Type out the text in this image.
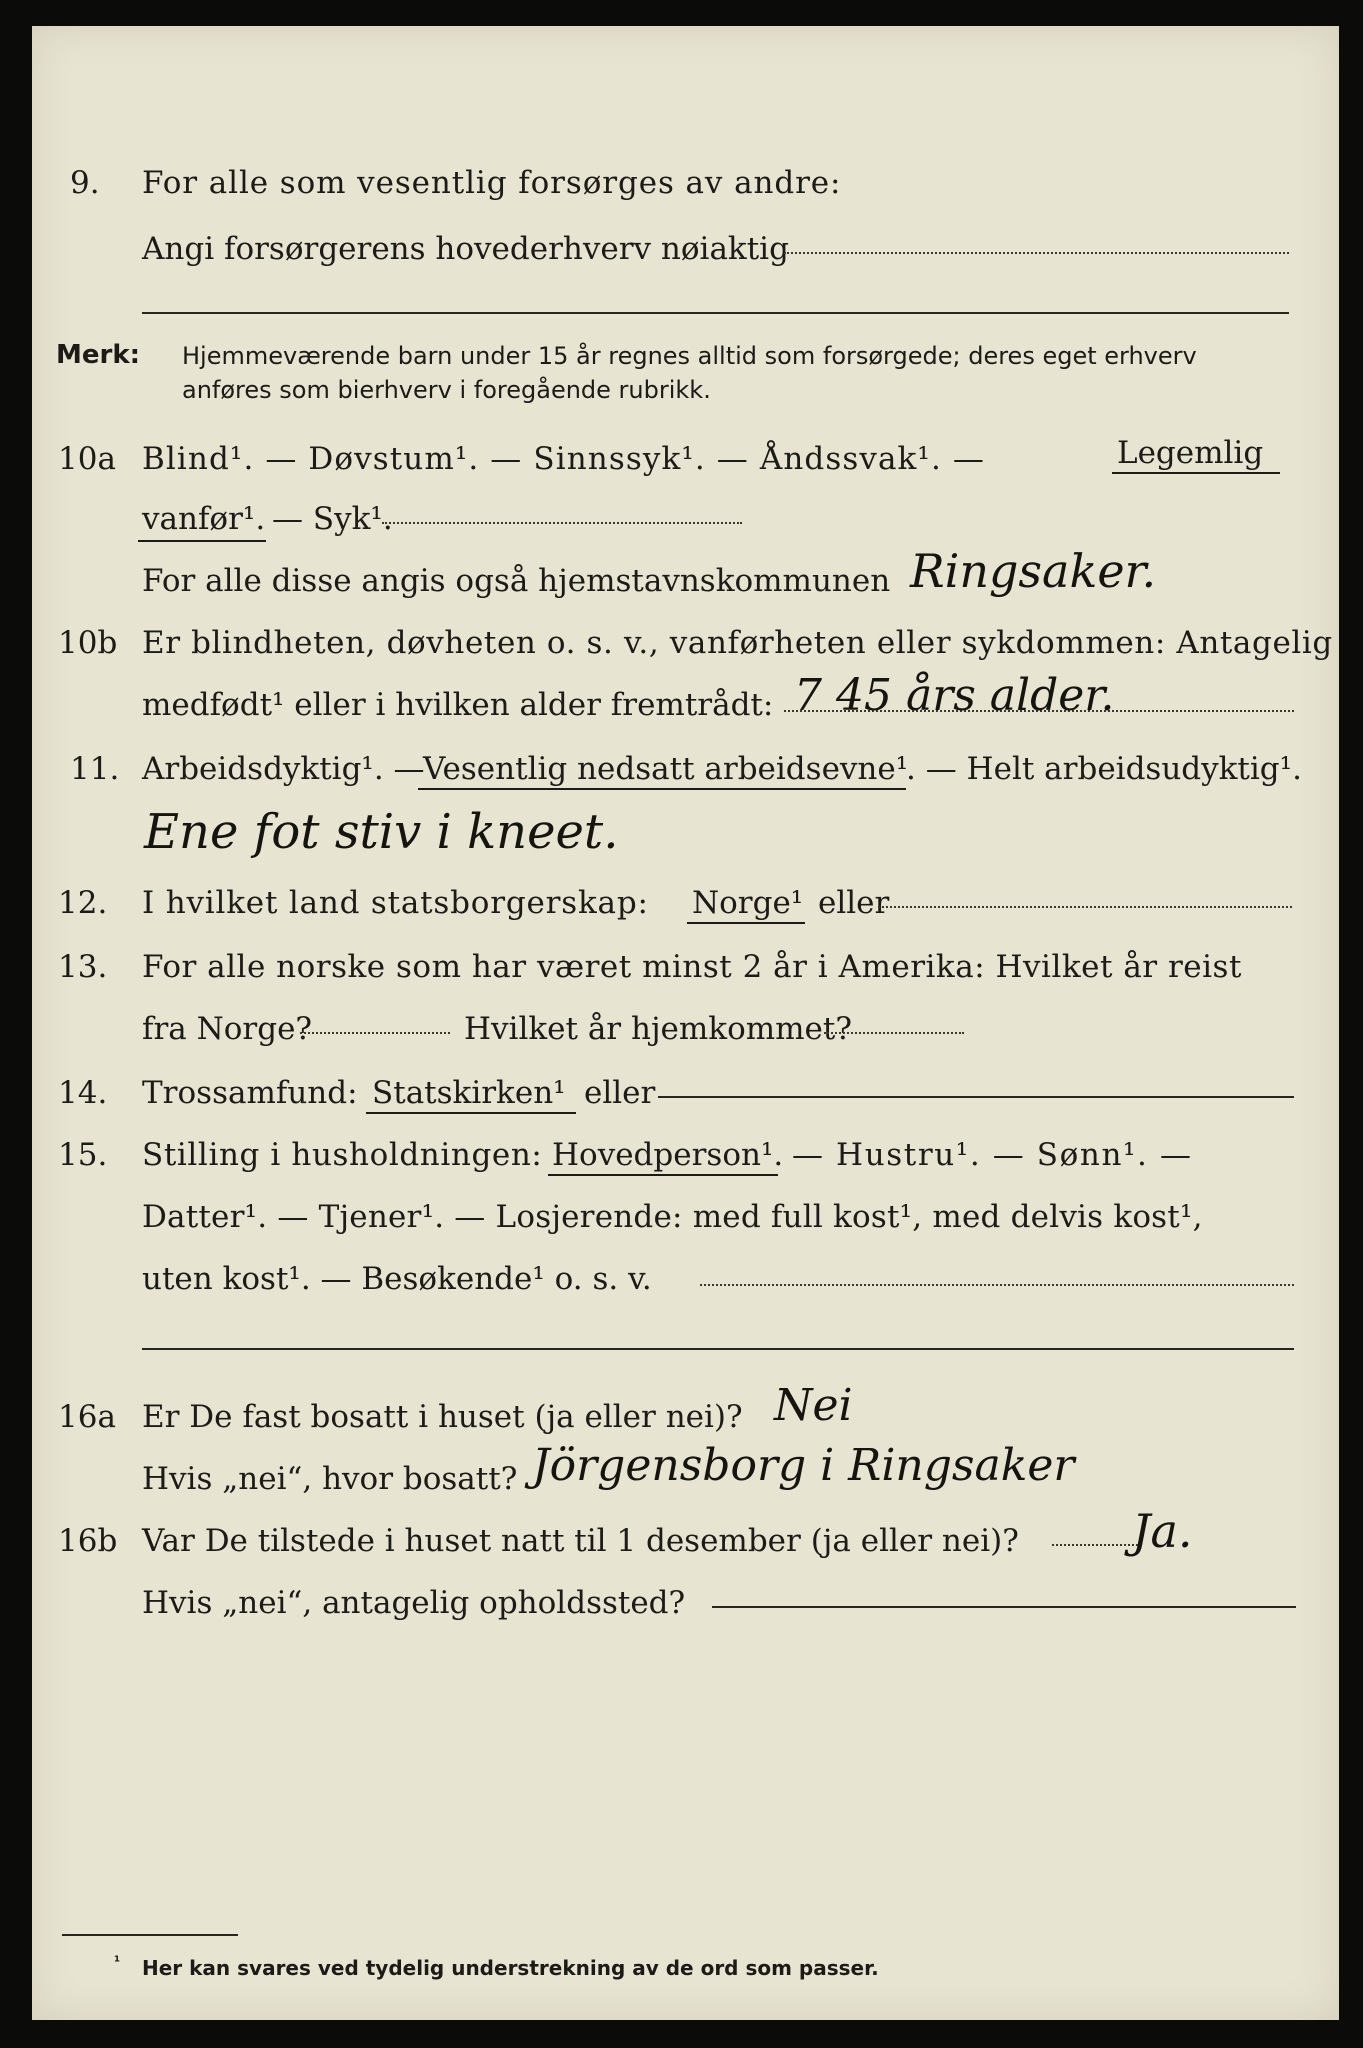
9. For alle som vesentlig forsørges av andre:
Angi forsørgerens hovederhverv nøiaktig
Merk: Hjemmeværende barn under 15 år regnes alltid som forsørgede; deres eget erhverv
anføres som bierhverv i foregående rubrikk.
10a Blind¹. — Døvstum¹. — Sinnssyk¹. — Åndssvak¹. —	Legemlig
vanfør¹. — Syk¹.
For alle disse angis også hjemstavnskommunen Ringsaker.
10b Er blindheten, døvheten o. s. v., vanførheten eller sykdommen: Antagelig
medfødt¹ eller i hvilken alder fremtrådt: 7 45 års alder.
11. Arbeidsdyktig¹. —
Vesentlig nedsatt arbeidsevne¹
. — Helt arbeidsudyktig¹.
Ene fot stiv i kneet.
12. I hvilket land statsborgerskap: Norge¹ eller
13. For alle norske som har været minst 2 år i Amerika: Hvilket år reist
fra Norge?	Hvilket år hjemkommet?
14. Trossamfund: Statskirken¹ eller
15. Stilling i husholdningen: Hovedperson¹. — Hustru¹. — Sønn¹. —
Datter¹. — Tjener¹. — Losjerende: med full kost¹, med delvis kost¹,
uten kost¹. — Besøkende¹ o. s. v.
16a Er De fast bosatt i huset (ja eller nei)? Nei
Hvis „nei“, hvor bosatt? Jörgensborg i Ringsaker
16b Var De tilstede i huset natt til 1 desember (ja eller nei)? Ja.
Hvis „nei“, antagelig opholdssted?
¹ Her kan svares ved tydelig understrekning av de ord som passer.
